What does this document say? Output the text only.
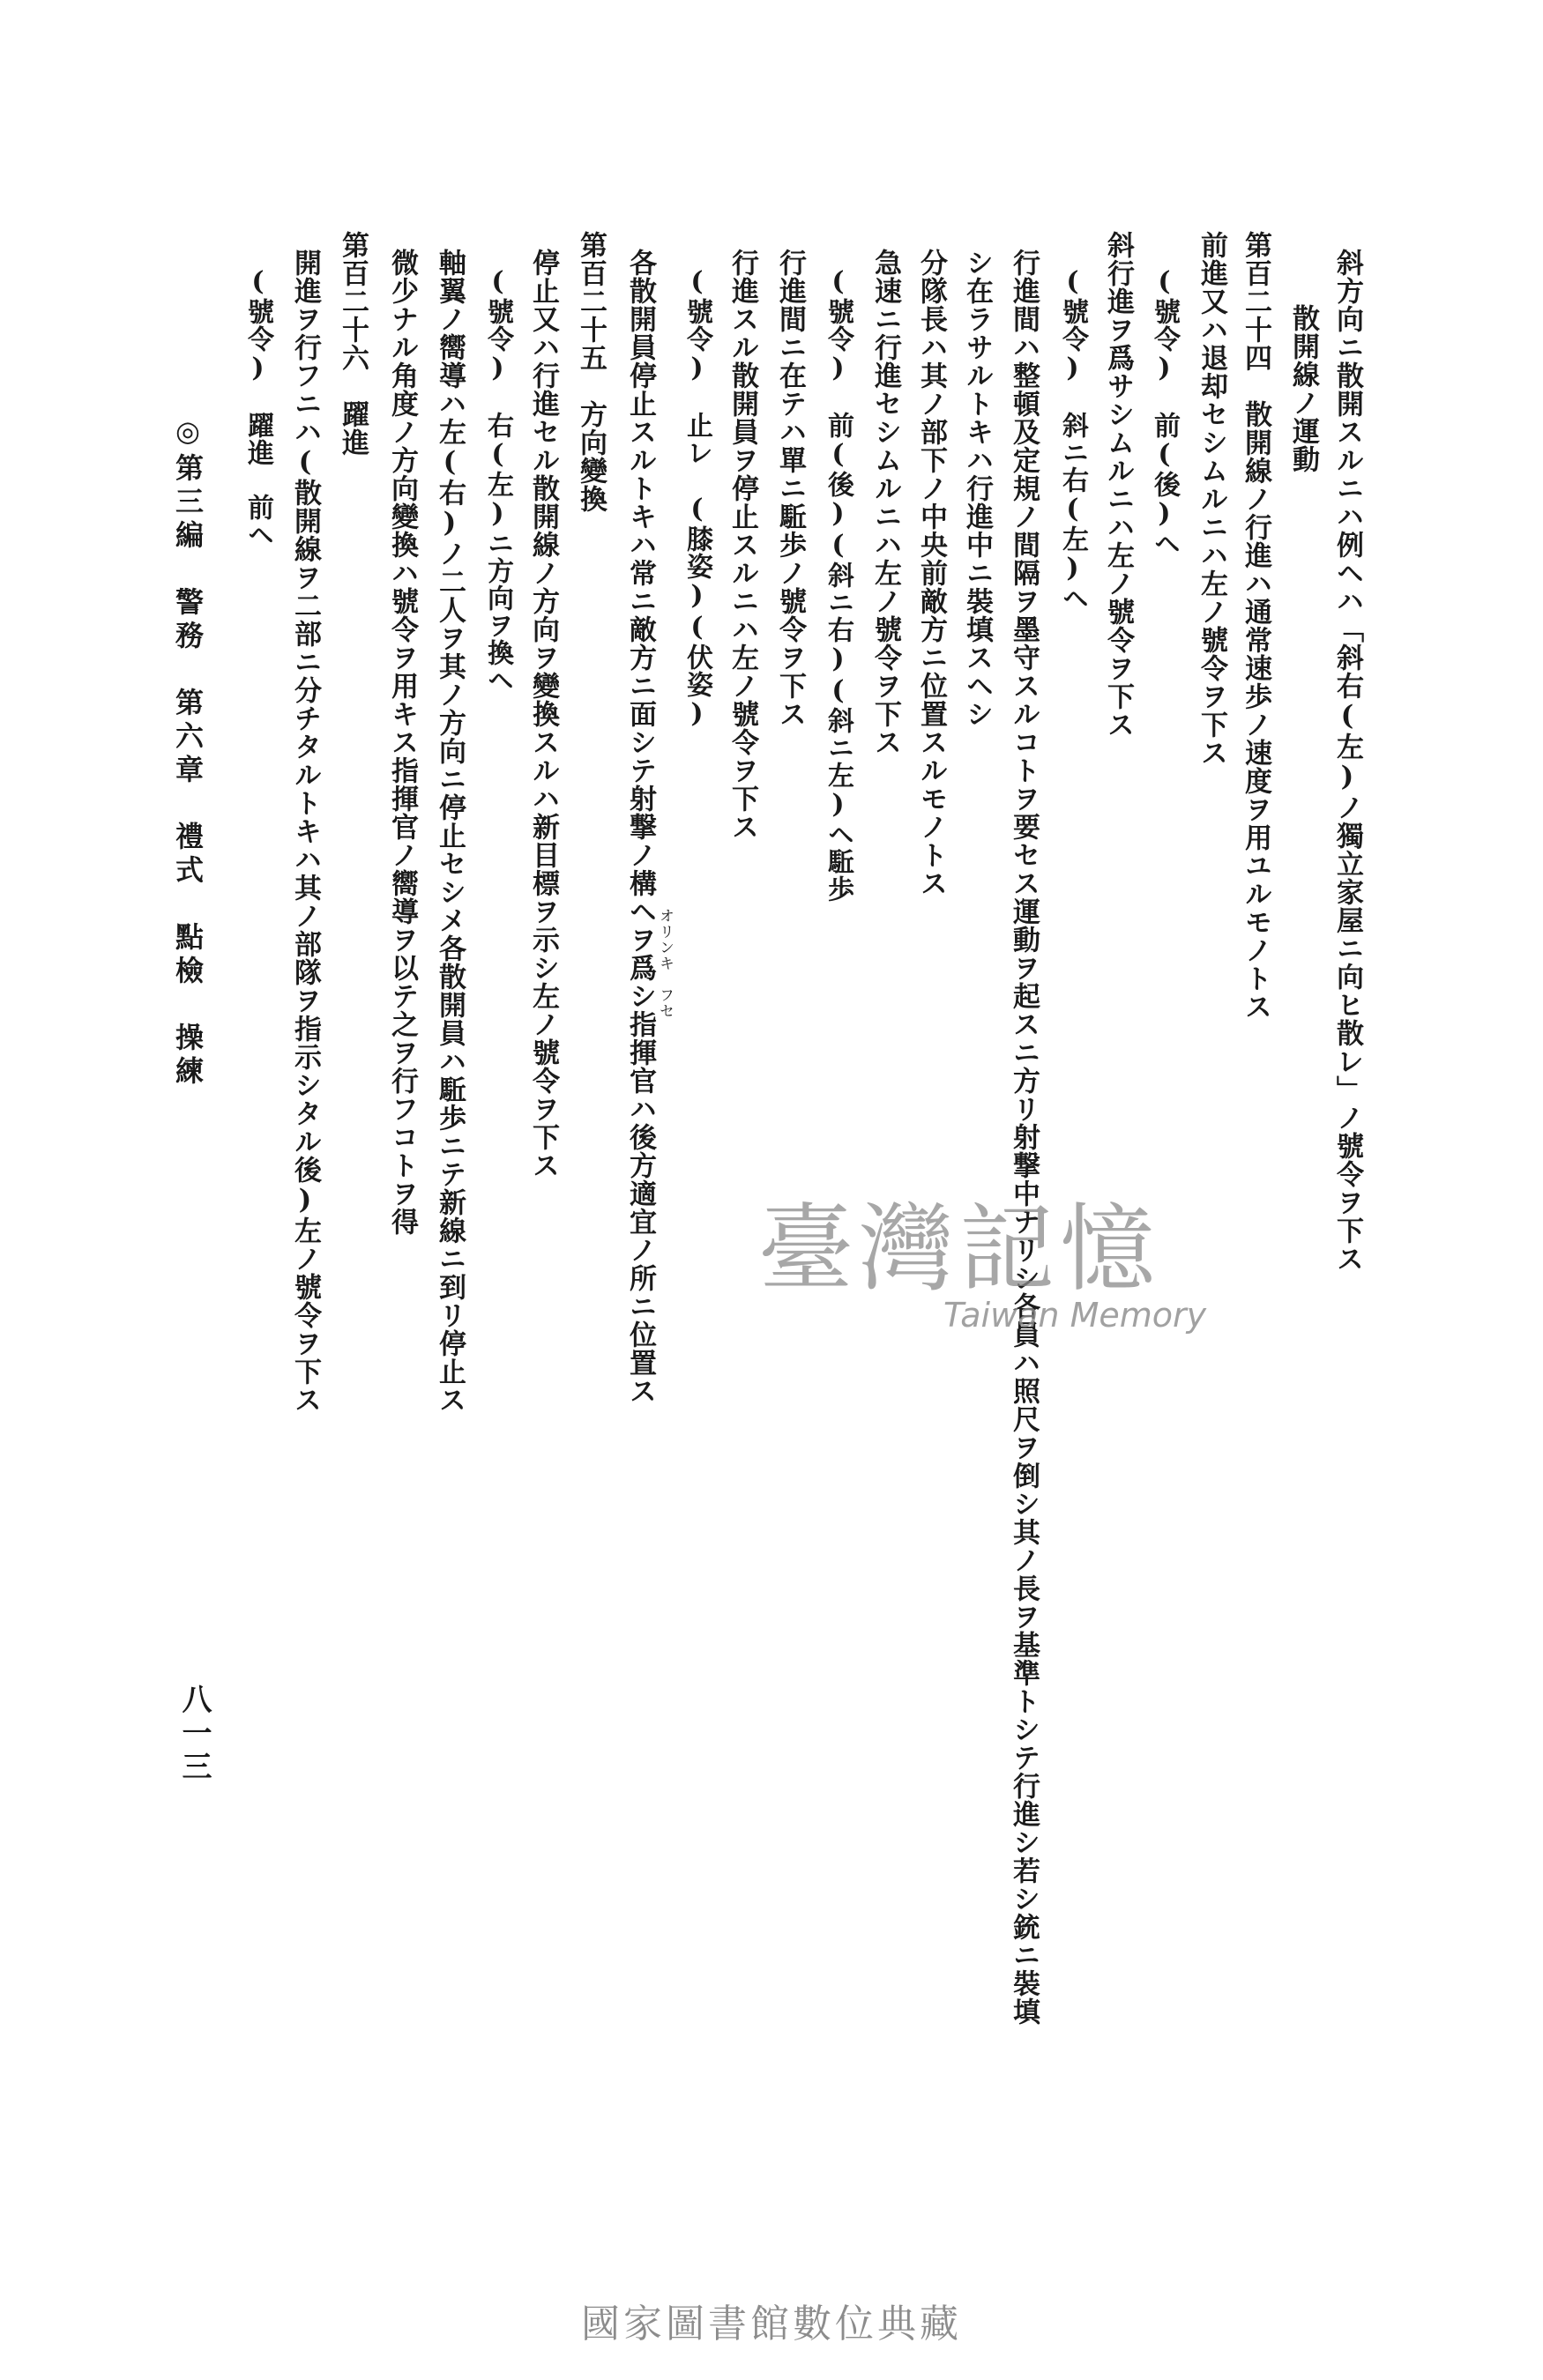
斜方向ニ散開スルニハ例ヘハ「斜右(左)ノ獨立家屋ニ向ヒ散レ」ノ號令ヲ下ス
散開線ノ運動
第百二十四　散開線ノ行進ハ通常速歩ノ速度ヲ用ユルモノトス
前進又ハ退却セシムルニハ左ノ號令ヲ下ス
(號令)　前(後)ヘ
斜行進ヲ爲サシムルニハ左ノ號令ヲ下ス
(號令)　斜ニ右(左)ヘ
行進間ハ整頓及定規ノ間隔ヲ墨守スルコトヲ要セス運動ヲ起スニ方リ射撃中ナリシ各員ハ照尺ヲ倒シ其ノ長ヲ基準トシテ行進シ若シ銃ニ裝填
シ在ラサルトキハ行進中ニ裝填スヘシ
分隊長ハ其ノ部下ノ中央前敵方ニ位置スルモノトス
急速ニ行進セシムルニハ左ノ號令ヲ下ス
(號令)　前(後)(斜ニ右)(斜ニ左)ヘ駈歩
行進間ニ在テハ單ニ駈歩ノ號令ヲ下ス
行進スル散開員ヲ停止スルニハ左ノ號令ヲ下ス
(號令)　止レ　(膝姿)(伏姿)
各散開員停止スルトキハ常ニ敵方ニ面シテ射撃ノ構ヘヲ爲シ指揮官ハ後方適宜ノ所ニ位置ス
第百二十五　方向變換
停止又ハ行進セル散開線ノ方向ヲ變換スルハ新目標ヲ示シ左ノ號令ヲ下ス
(號令)　右(左)ニ方向ヲ換ヘ
軸翼ノ嚮導ハ左(右)ノ二人ヲ其ノ方向ニ停止セシメ各散開員ハ駈歩ニテ新線ニ到リ停止ス
微少ナル角度ノ方向變換ハ號令ヲ用キス指揮官ノ嚮導ヲ以テ之ヲ行フコトヲ得
第百二十六　躍進
開進ヲ行フニハ(散開線ヲ二部ニ分チタルトキハ其ノ部隊ヲ指示シタル後)左ノ號令ヲ下ス
(號令)　躍進　前ヘ
オリンキ　フセ
◎第三編　警務　第六章　禮式　點檢　操練
八一三
臺灣記憶
Taiwan Memory
國家圖書館數位典藏
